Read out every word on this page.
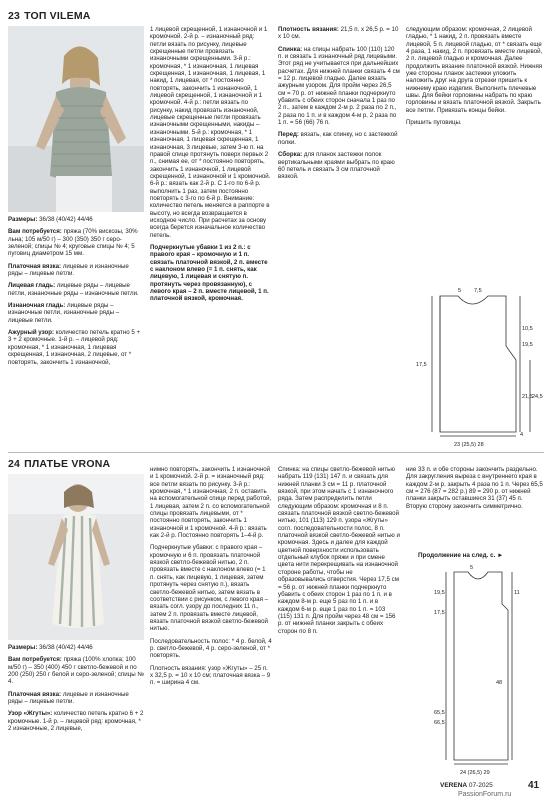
23 ТОП VILEMA

Размеры: 36/38 (40/42) 44/46

Вам потребуется: пряжа (70% вискозы, 30% льна; 105 м/50 г) – 300 (350) 350 г серо-зеленой; спицы № 4; круговые спицы № 4; 5 пуговиц диаметром 15 мм.

Платочная вязка: лицевые и изнаночные ряды – лицевые петли.

Лицевая гладь: лицевые ряды – лицевые петли, изнаночные ряды – изнаночные петли.

Изнаночная гладь: лицевые ряды – изнаночные петли, изнаночные ряды – лицевые петли.

Ажурный узор: количество петель кратно 5 + 3 + 2 кромочные. 1-й р. – лицевой ряд: кромочная, * 1 изнаночная, 1 лицевая скрещенная, 1 изнаночная, 2 лицевые, от * повторять, закончить 1 изнаночной,

1 лицевой скрещенной, 1 изнаночной и 1 кромочной. 2-й р. – изнаночный ряд: петли вязать по рисунку, лицевые скрещенные петли провязать изнаночными скрещенными. 3-й р.: кромочная, * 1 изнаночная, 1 лицевая скрещенная, 1 изнаночная, 1 лицевая, 1 накид, 1 лицевая, от * постоянно повторять, закончить 1 изнаночной, 1 лицевой скрещенной, 1 изнаночной и 1 кромочной. 4-й р.: петли вязать по рисунку, накид провязать изнаночной, лицевые скрещенные петли провязать изнаночными скрещенными, накиды – изнаночными. 5-й р.: кромочная, * 1 изнаночная, 1 лицевая скрещенная, 1 изнаночная, 3 лицевые, затем 3-ю п. на правой спице протянуть поверх первых 2 п., снимая ее, от * постоянно повторять, закончить 1 изнаночной, 1 лицевой скрещенной, 1 изнаночной и 1 кромочной. 6-й р.: вязать как 2-й р. С 1-го по 6-й р. выполнить 1 раз, затем постоянно повторять с 3-го по 6-й р. Внимание: количество петель меняется в раппорте в высоту, но всегда возвращается в исходное число. При расчетах за основу всегда берется изначальное количество петель.

Подчеркнутые убавки 1 из 2 п.: с правого края – кромочную и 1 п. связать платочной вязкой, 2 п. вместе с наклоном влево (= 1 п. снять, как лицевую, 1 лицевая и снятую п. протянуть через провязанную), с левого края – 2 п. вместе лицевой, 1 п. платочной вязкой, кромочная.

Плотность вязания: 21,5 п. x 26,5 р. = 10 x 10 см.

Спинка: на спицы набрать 100 (110) 120 п. и связать 1 изнаночный ряд лицевыми. Этот ряд не учитывается при дальнейших расчетах. Для нижней планки связать 4 см = 12 р. лицевой гладью. Далее вязать ажурным узором. Для пройм через 26,5 см = 70 р. от нижней планки подчеркнуто убавить с обеих сторон сначала 1 раз по 2 п., затем в каждом 2-м р. 2 раза по 2 п., 2 раза по 1 п. и в каждом 4-м р. 2 раза по 1 п. = 56 (66) 76 п.

Перед: вязать, как спинку, но с застежкой полки.

Сборка: для планок застежки полок вертикальными краями выбрать по краю 60 петель и связать 3 см платочной вязкой.

следующим образом: кромочная, 2 лицевой гладью, * 1 накид, 2 п. провязать вместе лицевой, 5 п. лицевой гладью, от * связать еще 4 раза, 1 накид, 2 п. провязать вместе лицевой, 2 п. лицевой гладью и кромочная. Далее продолжить вязание платочной вязкой. Нижняя уже стороны планок застежки уложить наложить друг на друга отрезки пришить к нижнему краю изделия. Выполнить плечевые швы. Для бейки горловины набрать по краю горловины и вязать платочной вязкой. Закрыть все петли. Привязать концы бейки.

Пришить пуговицы.

5 7,5
10,5
19,5
17,5
21,5 24,5
4
23 (25,5) 28
24 ПЛАТЬЕ VRONA

Размеры: 36/38 (40/42) 44/46

Вам потребуется: пряжа (100% хлопка; 100 м/50 г) – 350 (400) 450 г светло-бежевой и по 200 (250) 250 г белой и серо-зеленой; спицы № 4.

Платочная вязка: лицевые и изнаночные ряды – лицевые петли.

Узор «Жгуты»: количество петель кратно 6 + 2 кромочные. 1-й р. – лицевой ряд: кромочная, * 2 изнаночные, 2 лицевые,

нимно повторять, закончить 1 изнаночной и 1 кромочной. 2-й р. = изнаночный ряд: все петли вязать по рисунку. 3-й р.: кромочная, * 1 изнаночная, 2 п. оставить на вспомогательной спице перед работой, 1 лицевая, затем 2 п. со вспомогательной спицы провязать лицевыми, от * постоянно повторять, закончить 1 изнаночной и 1 кромочной. 4-й р.: вязать как 2-й р. Постоянно повторять 1–4-й р.

Подчеркнутые убавки: с правого края – кромочную и 6 п. провязать платочной вязкой светло-бежевой нитью, 2 п. провязать вместе с наклоном влево (= 1 п. снять, как лицевую, 1 лицевая, затем протянуть через снятую п.), вязать светло-бежевой нитью, затем вязать в соответствии с рисунком, с левого края – вязать согл. узору до последних 11 п., затем 2 п. провязать вместе лицевой, вязать платочной вязкой светло-бежевой нитью.

Последовательность полос: * 4 р. белой, 4 р. светло-бежевой, 4 р. серо-зеленой, от * повторять.

Плотность вязания: узор «Жгуты» – 25 п. x 32,5 р. = 10 x 10 см; платочная вязка – 9 п. = ширина 4 см.

Спинка: на спицы светло-бежевой нитью набрать 119 (131) 147 п. и связать для нижней планки 3 см = 11 р. платочной вязкой, при этом начать с 1 изнаночного ряда. Затем распределить петли следующим образом: кромочная и 8 п. связать платочной вязкой светло-бежевой нитью, 101 (113) 129 п. узора «Жгуты» согл. последовательности полос, 8 п. платочной вязкой светло-бежевой нитью и кромочная. Здесь и далее для каждой цветной поверхности использовать отдельный клубок пряжи и при смене цвета нити перекрещивать на изнаночной стороне работы, чтобы не образовывались отверстия. Через 17,5 см = 56 р. от нижней планки подчеркнуто убавить с обеих сторон 1 раз по 1 п. и в каждом 8-м р. еще 5 раз по 1 п. и в каждом 6-м р. еще 1 раз по 1 п. = 103 (115) 131 п. Для пройм через 48 см = 156 р. от нижней планки закрыть с обеих сторон по 8 п.

ние 33 п. и обе стороны закончить раздельно. Для закругления выреза с внутреннего края в каждом 2-м р. закрыть 4 раза по 1 п. Через 65,5 см = 276 (87 = 282 р.) 89 = 290 р. от нижней планки закрыть оставшиеся 31 (37) 45 п. Вторую сторону закончить симметрично.

Продолжение на след. с. ►
5
11
19,5
17,5
48
65,5
66,5
24 (26,5) 29
VERENA 07-2025	41
PassionForum.ru
